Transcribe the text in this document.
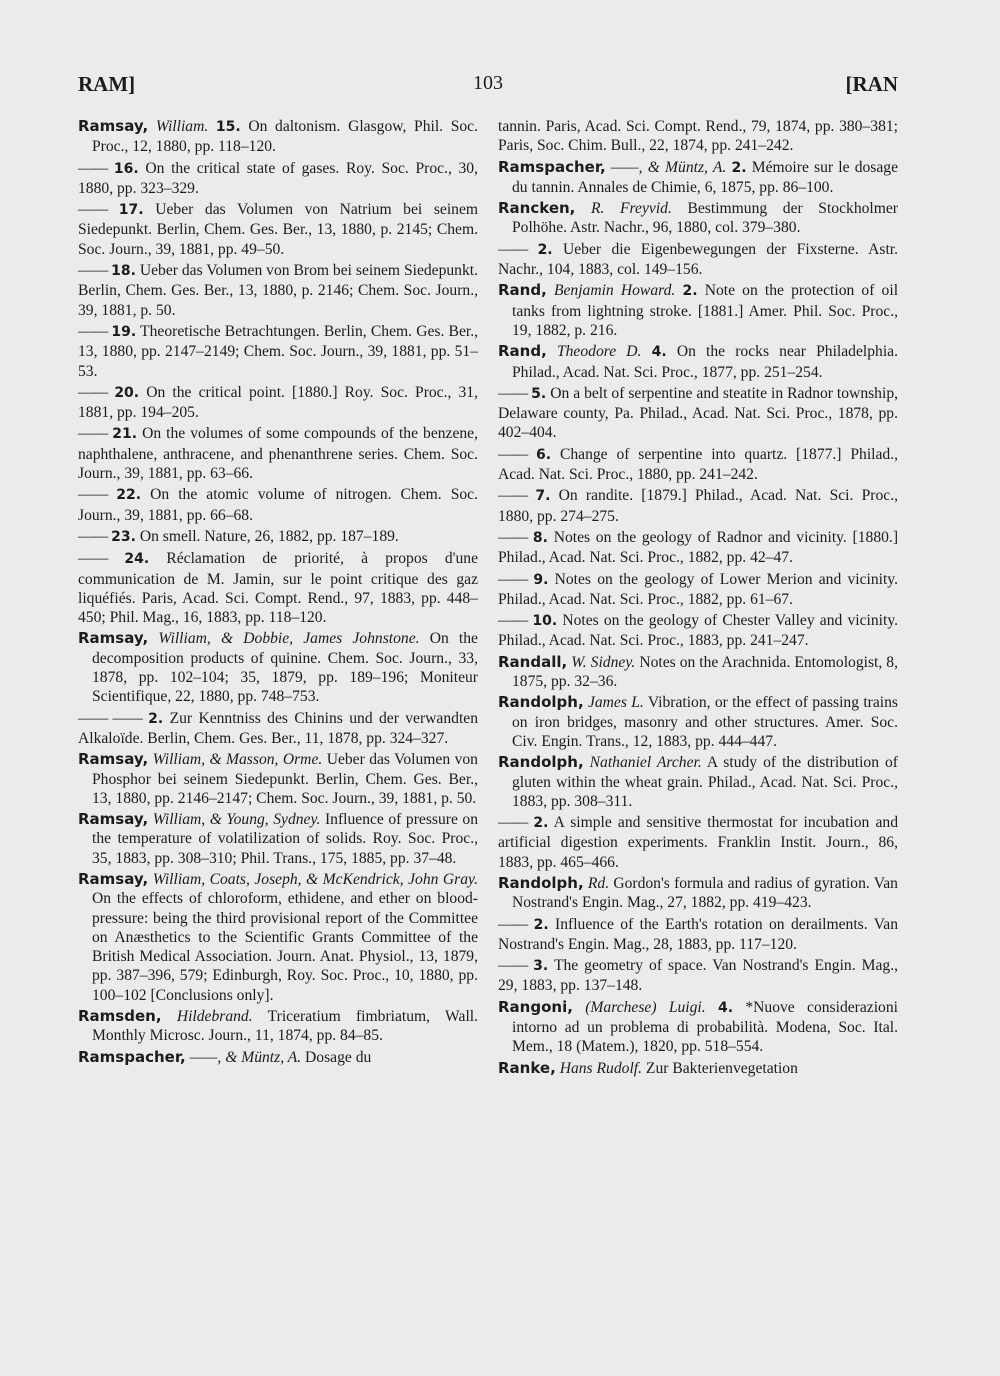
RAM]	103	[RAN
Ramsay, William. 15. On daltonism. Glasgow, Phil. Soc. Proc., 12, 1880, pp. 118–120.
—— 16. On the critical state of gases. Roy. Soc. Proc., 30, 1880, pp. 323–329.
—— 17. Ueber das Volumen von Natrium bei seinem Siedepunkt. Berlin, Chem. Ges. Ber., 13, 1880, p. 2145; Chem. Soc. Journ., 39, 1881, pp. 49–50.
—— 18. Ueber das Volumen von Brom bei seinem Siedepunkt. Berlin, Chem. Ges. Ber., 13, 1880, p. 2146; Chem. Soc. Journ., 39, 1881, p. 50.
—— 19. Theoretische Betrachtungen. Berlin, Chem. Ges. Ber., 13, 1880, pp. 2147–2149; Chem. Soc. Journ., 39, 1881, pp. 51–53.
—— 20. On the critical point. [1880.] Roy. Soc. Proc., 31, 1881, pp. 194–205.
—— 21. On the volumes of some compounds of the benzene, naphthalene, anthracene, and phenanthrene series. Chem. Soc. Journ., 39, 1881, pp. 63–66.
—— 22. On the atomic volume of nitrogen. Chem. Soc. Journ., 39, 1881, pp. 66–68.
—— 23. On smell. Nature, 26, 1882, pp. 187–189.
—— 24. Réclamation de priorité, à propos d'une communication de M. Jamin, sur le point critique des gaz liquéfiés. Paris, Acad. Sci. Compt. Rend., 97, 1883, pp. 448–450; Phil. Mag., 16, 1883, pp. 118–120.
Ramsay, William, & Dobbie, James Johnstone. On the decomposition products of quinine. Chem. Soc. Journ., 33, 1878, pp. 102–104; 35, 1879, pp. 189–196; Moniteur Scientifique, 22, 1880, pp. 748–753.
—— —— 2. Zur Kenntniss des Chinins und der verwandten Alkaloïde. Berlin, Chem. Ges. Ber., 11, 1878, pp. 324–327.
Ramsay, William, & Masson, Orme. Ueber das Volumen von Phosphor bei seinem Siedepunkt. Berlin, Chem. Ges. Ber., 13, 1880, pp. 2146–2147; Chem. Soc. Journ., 39, 1881, p. 50.
Ramsay, William, & Young, Sydney. Influence of pressure on the temperature of volatilization of solids. Roy. Soc. Proc., 35, 1883, pp. 308–310; Phil. Trans., 175, 1885, pp. 37–48.
Ramsay, William, Coats, Joseph, & McKendrick, John Gray. On the effects of chloroform, ethidene, and ether on blood-pressure: being the third provisional report of the Committee on Anæsthetics to the Scientific Grants Committee of the British Medical Association. Journ. Anat. Physiol., 13, 1879, pp. 387–396, 579; Edinburgh, Roy. Soc. Proc., 10, 1880, pp. 100–102 [Conclusions only].
Ramsden, Hildebrand. Triceratium fimbriatum, Wall. Monthly Microsc. Journ., 11, 1874, pp. 84–85.
Ramspacher, ——, & Müntz, A. Dosage du
tannin. Paris, Acad. Sci. Compt. Rend., 79, 1874, pp. 380–381; Paris, Soc. Chim. Bull., 22, 1874, pp. 241–242.
Ramspacher, ——, & Müntz, A. 2. Mémoire sur le dosage du tannin. Annales de Chimie, 6, 1875, pp. 86–100.
Rancken, R. Freyvid. Bestimmung der Stockholmer Polhöhe. Astr. Nachr., 96, 1880, col. 379–380.
—— 2. Ueber die Eigenbewegungen der Fixsterne. Astr. Nachr., 104, 1883, col. 149–156.
Rand, Benjamin Howard. 2. Note on the protection of oil tanks from lightning stroke. [1881.] Amer. Phil. Soc. Proc., 19, 1882, p. 216.
Rand, Theodore D. 4. On the rocks near Philadelphia. Philad., Acad. Nat. Sci. Proc., 1877, pp. 251–254.
—— 5. On a belt of serpentine and steatite in Radnor township, Delaware county, Pa. Philad., Acad. Nat. Sci. Proc., 1878, pp. 402–404.
—— 6. Change of serpentine into quartz. [1877.] Philad., Acad. Nat. Sci. Proc., 1880, pp. 241–242.
—— 7. On randite. [1879.] Philad., Acad. Nat. Sci. Proc., 1880, pp. 274–275.
—— 8. Notes on the geology of Radnor and vicinity. [1880.] Philad., Acad. Nat. Sci. Proc., 1882, pp. 42–47.
—— 9. Notes on the geology of Lower Merion and vicinity. Philad., Acad. Nat. Sci. Proc., 1882, pp. 61–67.
—— 10. Notes on the geology of Chester Valley and vicinity. Philad., Acad. Nat. Sci. Proc., 1883, pp. 241–247.
Randall, W. Sidney. Notes on the Arachnida. Entomologist, 8, 1875, pp. 32–36.
Randolph, James L. Vibration, or the effect of passing trains on iron bridges, masonry and other structures. Amer. Soc. Civ. Engin. Trans., 12, 1883, pp. 444–447.
Randolph, Nathaniel Archer. A study of the distribution of gluten within the wheat grain. Philad., Acad. Nat. Sci. Proc., 1883, pp. 308–311.
—— 2. A simple and sensitive thermostat for incubation and artificial digestion experiments. Franklin Instit. Journ., 86, 1883, pp. 465–466.
Randolph, Rd. Gordon's formula and radius of gyration. Van Nostrand's Engin. Mag., 27, 1882, pp. 419–423.
—— 2. Influence of the Earth's rotation on derailments. Van Nostrand's Engin. Mag., 28, 1883, pp. 117–120.
—— 3. The geometry of space. Van Nostrand's Engin. Mag., 29, 1883, pp. 137–148.
Rangoni, (Marchese) Luigi. 4. *Nuove considerazioni intorno ad un problema di probabilità. Modena, Soc. Ital. Mem., 18 (Matem.), 1820, pp. 518–554.
Ranke, Hans Rudolf. Zur Bakterienvegetation
